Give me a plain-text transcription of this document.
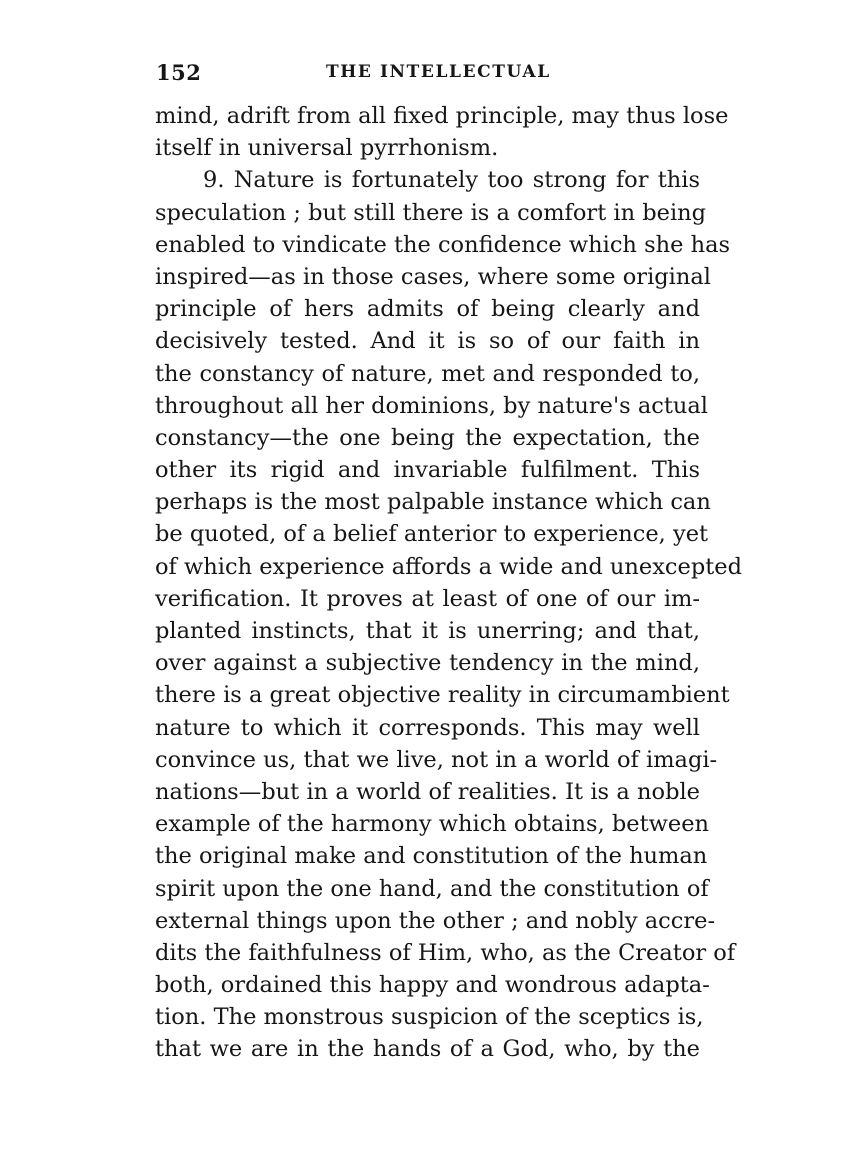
152	THE INTELLECTUAL
mind, adrift from all fixed principle, may thus lose
itself in universal pyrrhonism.
9. Nature is fortunately too strong for this
speculation ; but still there is a comfort in being
enabled to vindicate the confidence which she has
inspired—as in those cases, where some original
principle of hers admits of being clearly and
decisively tested. And it is so of our faith in
the constancy of nature, met and responded to,
throughout all her dominions, by nature's actual
constancy—the one being the expectation, the
other its rigid and invariable fulfilment. This
perhaps is the most palpable instance which can
be quoted, of a belief anterior to experience, yet
of which experience affords a wide and unexcepted
verification. It proves at least of one of our im-
planted instincts, that it is unerring; and that,
over against a subjective tendency in the mind,
there is a great objective reality in circumambient
nature to which it corresponds. This may well
convince us, that we live, not in a world of imagi-
nations—but in a world of realities. It is a noble
example of the harmony which obtains, between
the original make and constitution of the human
spirit upon the one hand, and the constitution of
external things upon the other ; and nobly accre-
dits the faithfulness of Him, who, as the Creator of
both, ordained this happy and wondrous adapta-
tion. The monstrous suspicion of the sceptics is,
that we are in the hands of a God, who, by the
